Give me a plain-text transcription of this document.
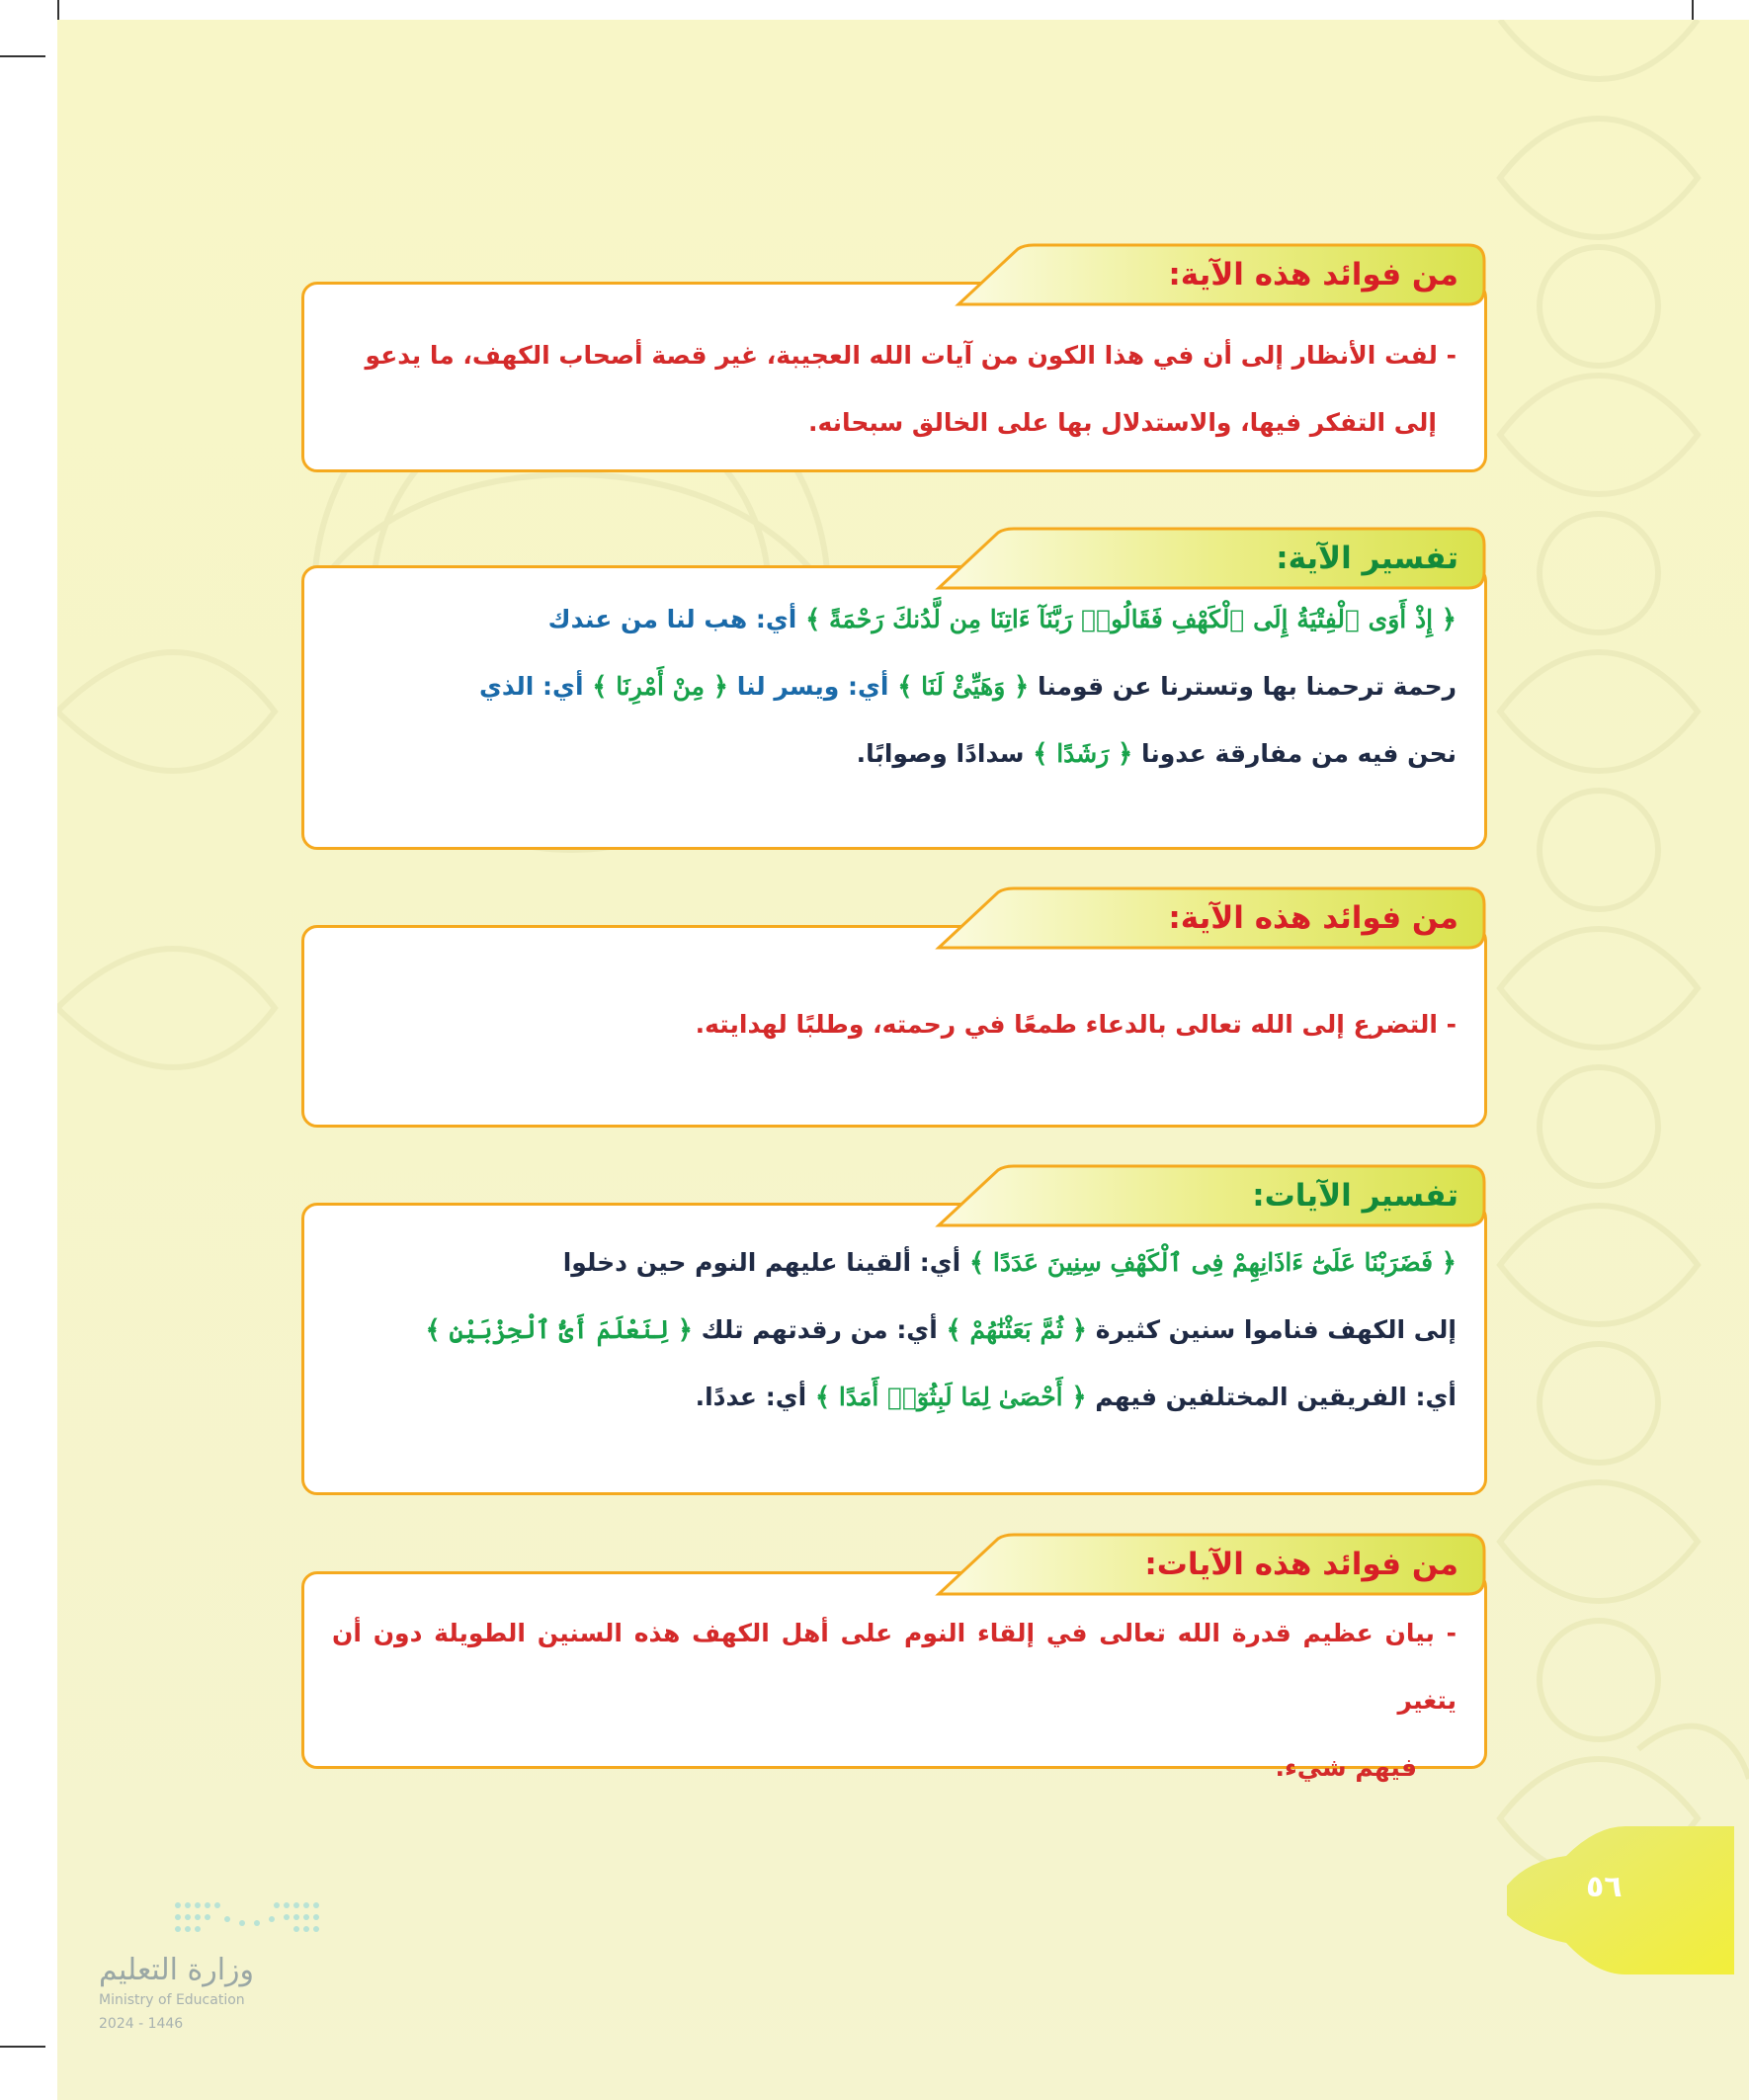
من فوائد هذه الآية:
- لفت الأنظار إلى أن في هذا الكون من آيات الله العجيبة، غير قصة أصحاب الكهف، ما يدعو
إلى التفكر فيها، والاستدلال بها على الخالق سبحانه.
تفسير الآية:
﴿ إِذْ أَوَى ٱلْفِتْيَةُ إِلَى ٱلْكَهْفِ فَقَالُوا۟ رَبَّنَآ ءَاتِنَا مِن لَّدُنكَ رَحْمَةً ﴾ أي: هب لنا من عندك
رحمة ترحمنا بها وتسترنا عن قومنا ﴿ وَهَيِّئْ لَنَا ﴾ أي: ويسر لنا ﴿ مِنْ أَمْرِنَا ﴾ أي: الذي
نحن فيه من مفارقة عدونا ﴿ رَشَدًا ﴾ سدادًا وصوابًا.
من فوائد هذه الآية:
- التضرع إلى الله تعالى بالدعاء طمعًا في رحمته، وطلبًا لهدايته.
تفسير الآيات:
﴿ فَضَرَبْنَا عَلَىٰٓ ءَاذَانِهِمْ فِى ٱلْكَهْفِ سِنِينَ عَدَدًا ﴾ أي: ألقينا عليهم النوم حين دخلوا
إلى الكهف فناموا سنين كثيرة ﴿ ثُمَّ بَعَثْنَٰهُمْ ﴾ أي: من رقدتهم تلك ﴿ لِنَعْلَمَ أَىُّ ٱلْحِزْبَيْنِ ﴾
أي: الفريقين المختلفين فيهم ﴿ أَحْصَىٰ لِمَا لَبِثُوٓا۟ أَمَدًا ﴾ أي: عددًا.
من فوائد هذه الآيات:
- بيان عظيم قدرة الله تعالى في إلقاء النوم على أهل الكهف هذه السنين الطويلة دون أن يتغير
فيهم شيء.
٥٦
وزارة التعليم
Ministry of Education
2024 - 1446
